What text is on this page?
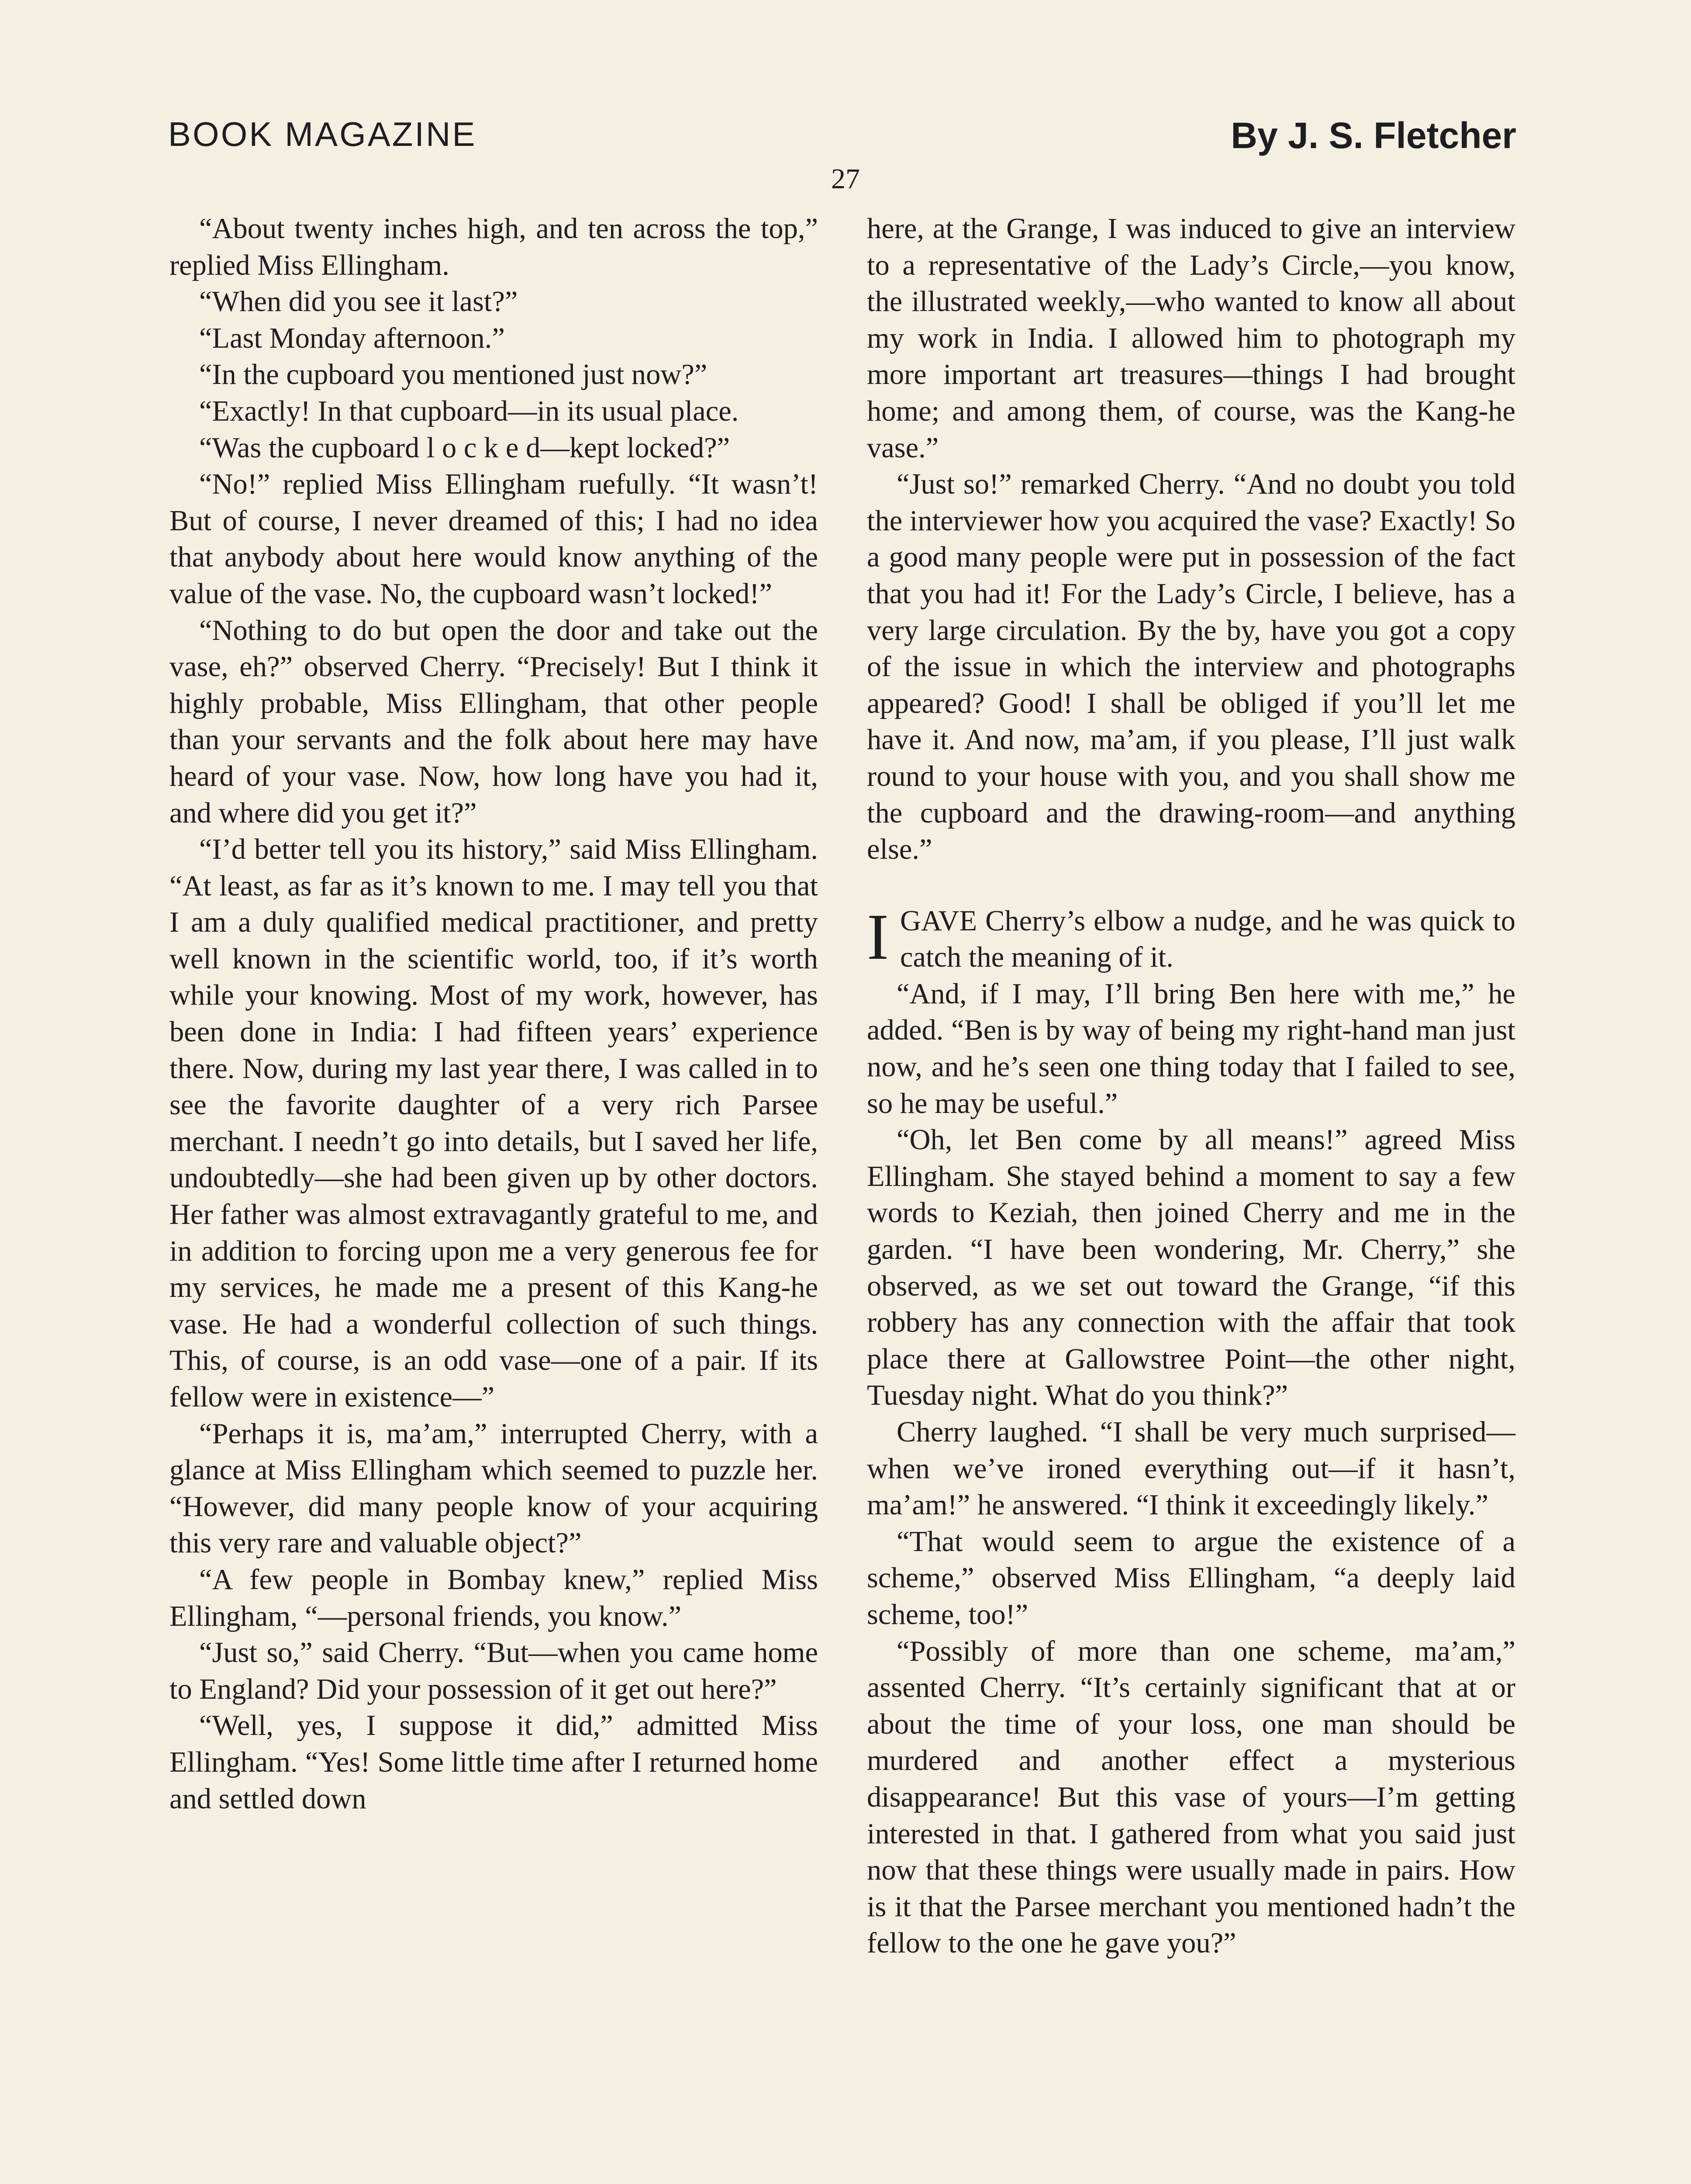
BOOK MAGAZINE	By J. S. Fletcher
27

“About twenty inches high, and ten across the top,” replied Miss Ellingham.

“When did you see it last?”

“Last Monday afternoon.”

“In the cupboard you mentioned just now?”

“Exactly! In that cupboard—in its usual place.

“Was the cupboard l o c k e d—kept locked?”

“No!” replied Miss Ellingham ruefully. “It wasn’t! But of course, I never dreamed of this; I had no idea that anybody about here would know anything of the value of the vase. No, the cupboard wasn’t locked!”

“Nothing to do but open the door and take out the vase, eh?” observed Cherry. “Precisely! But I think it highly probable, Miss Ellingham, that other people than your servants and the folk about here may have heard of your vase. Now, how long have you had it, and where did you get it?”

“I’d better tell you its history,” said Miss Ellingham. “At least, as far as it’s known to me. I may tell you that I am a duly qualified medical practitioner, and pretty well known in the scientific world, too, if it’s worth while your knowing. Most of my work, however, has been done in India: I had fifteen years’ experience there. Now, during my last year there, I was called in to see the favorite daughter of a very rich Parsee merchant. I needn’t go into details, but I saved her life, undoubtedly—she had been given up by other doctors. Her father was almost extravagantly grateful to me, and in addition to forcing upon me a very generous fee for my services, he made me a present of this Kang-he vase. He had a wonderful collection of such things. This, of course, is an odd vase—one of a pair. If its fellow were in existence—”

“Perhaps it is, ma’am,” interrupted Cherry, with a glance at Miss Ellingham which seemed to puzzle her. “However, did many people know of your acquiring this very rare and valuable object?”

“A few people in Bombay knew,” replied Miss Ellingham, “—personal friends, you know.”

“Just so,” said Cherry. “But—when you came home to England? Did your possession of it get out here?”

“Well, yes, I suppose it did,” admitted Miss Ellingham. “Yes! Some little time after I returned home and settled down

here, at the Grange, I was induced to give an interview to a representative of the Lady’s Circle,—you know, the illustrated weekly,—who wanted to know all about my work in India. I allowed him to photograph my more important art treasures—things I had brought home; and among them, of course, was the Kang-he vase.”

“Just so!” remarked Cherry. “And no doubt you told the interviewer how you acquired the vase? Exactly! So a good many people were put in possession of the fact that you had it! For the Lady’s Circle, I believe, has a very large circulation. By the by, have you got a copy of the issue in which the interview and photographs appeared? Good! I shall be obliged if you’ll let me have it. And now, ma’am, if you please, I’ll just walk round to your house with you, and you shall show me the cupboard and the drawing-room—and anything else.”

IGAVE Cherry’s elbow a nudge, and he was quick to catch the meaning of it.

“And, if I may, I’ll bring Ben here with me,” he added. “Ben is by way of being my right-hand man just now, and he’s seen one thing today that I failed to see, so he may be useful.”

“Oh, let Ben come by all means!” agreed Miss Ellingham. She stayed behind a moment to say a few words to Keziah, then joined Cherry and me in the garden. “I have been wondering, Mr. Cherry,” she observed, as we set out toward the Grange, “if this robbery has any connection with the affair that took place there at Gallowstree Point—the other night, Tuesday night. What do you think?”

Cherry laughed. “I shall be very much surprised—when we’ve ironed everything out—if it hasn’t, ma’am!” he answered. “I think it exceedingly likely.”

“That would seem to argue the existence of a scheme,” observed Miss Ellingham, “a deeply laid scheme, too!”

“Possibly of more than one scheme, ma’am,” assented Cherry. “It’s certainly significant that at or about the time of your loss, one man should be murdered and another effect a mysterious disappearance! But this vase of yours—I’m getting interested in that. I gathered from what you said just now that these things were usually made in pairs. How is it that the Parsee merchant you mentioned hadn’t the fellow to the one he gave you?”
